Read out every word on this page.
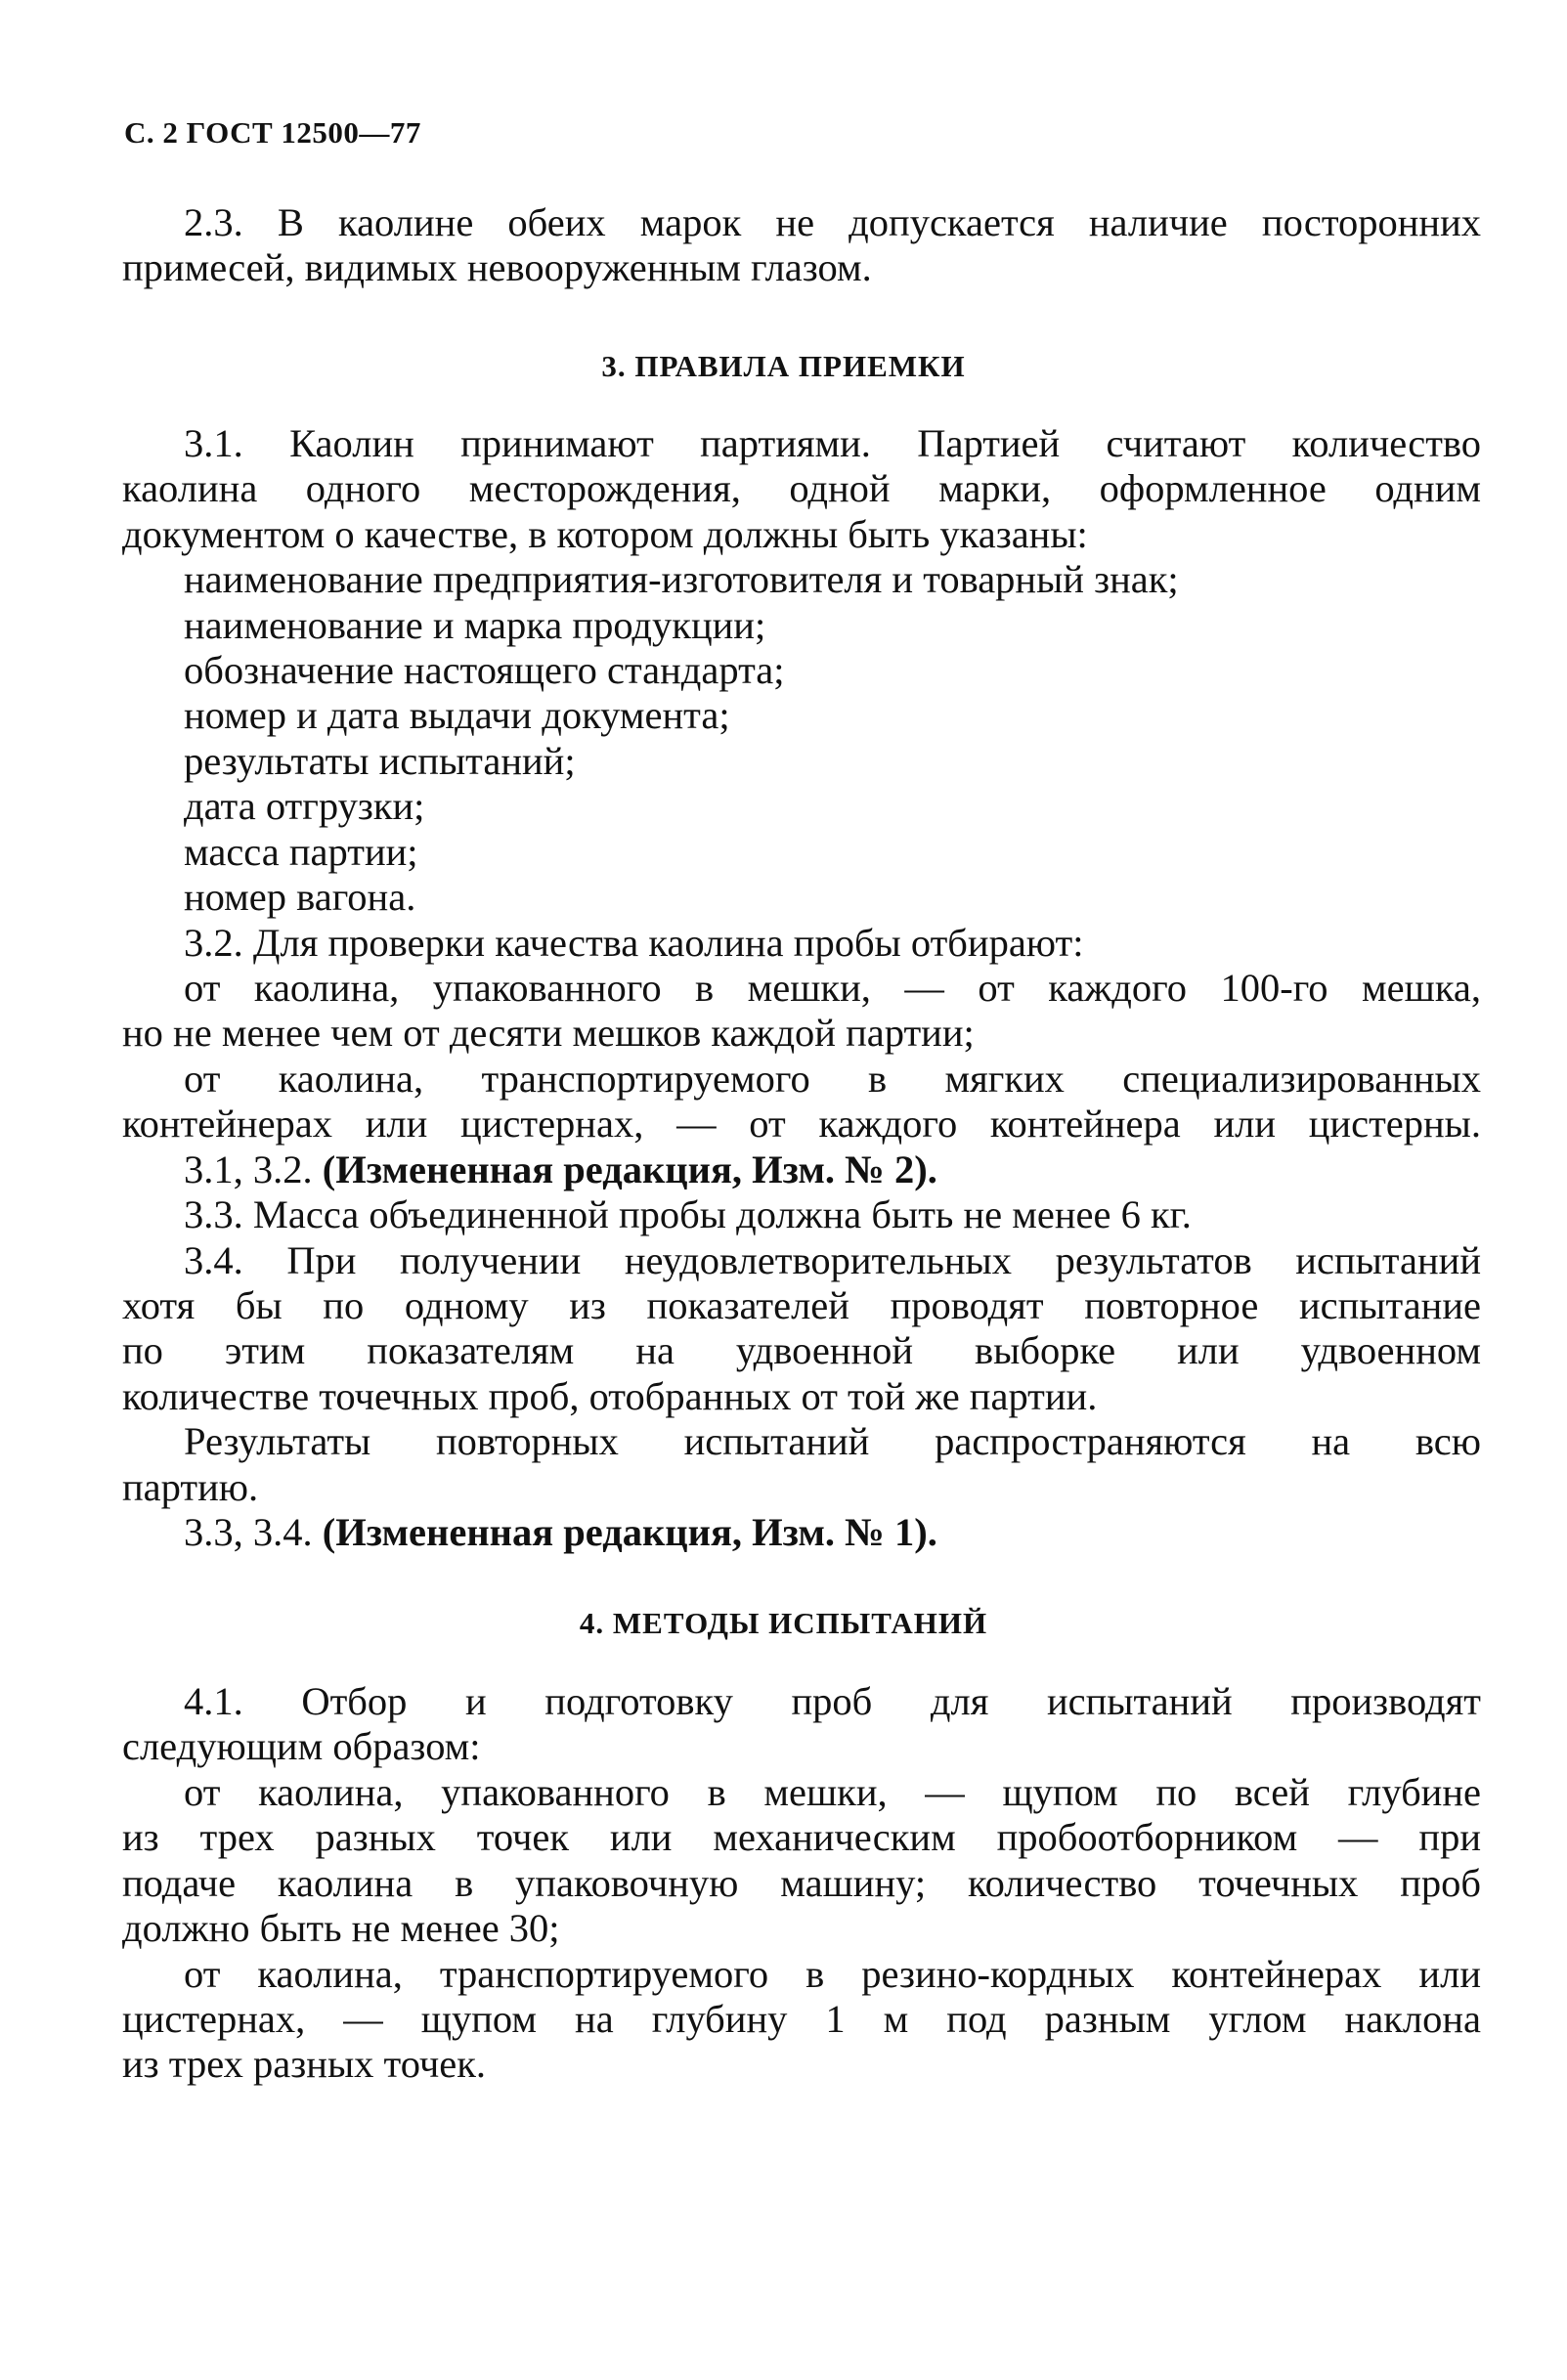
С. 2 ГОСТ 12500—77
2.3. В каолине обеих марок не допускается наличие посторонних
примесей, видимых невооруженным глазом.
3. ПРАВИЛА ПРИЕМКИ
3.1. Каолин принимают партиями. Партией считают количество
каолина одного месторождения, одной марки, оформленное одним
документом о качестве, в котором должны быть указаны:
наименование предприятия-изготовителя и товарный знак;
наименование и марка продукции;
обозначение настоящего стандарта;
номер и дата выдачи документа;
результаты испытаний;
дата отгрузки;
масса партии;
номер вагона.
3.2. Для проверки качества каолина пробы отбирают:
от каолина, упакованного в мешки, — от каждого 100-го мешка,
но не менее чем от десяти мешков каждой партии;
от каолина, транспортируемого в мягких специализированных
контейнерах или цистернах, — от каждого контейнера или цистерны.
3.1, 3.2. (Измененная редакция, Изм. № 2).
3.3. Масса объединенной пробы должна быть не менее 6 кг.
3.4. При получении неудовлетворительных результатов испытаний
хотя бы по одному из показателей проводят повторное испытание
по этим показателям на удвоенной выборке или удвоенном
количестве точечных проб, отобранных от той же партии.
Результаты повторных испытаний распространяются на всю
партию.
3.3, 3.4. (Измененная редакция, Изм. № 1).
4. МЕТОДЫ ИСПЫТАНИЙ
4.1. Отбор и подготовку проб для испытаний производят
следующим образом:
от каолина, упакованного в мешки, — щупом по всей глубине
из трех разных точек или механическим пробоотборником — при
подаче каолина в упаковочную машину; количество точечных проб
должно быть не менее 30;
от каолина, транспортируемого в резино-кордных контейнерах или
цистернах, — щупом на глубину 1 м под разным углом наклона
из трех разных точек.
